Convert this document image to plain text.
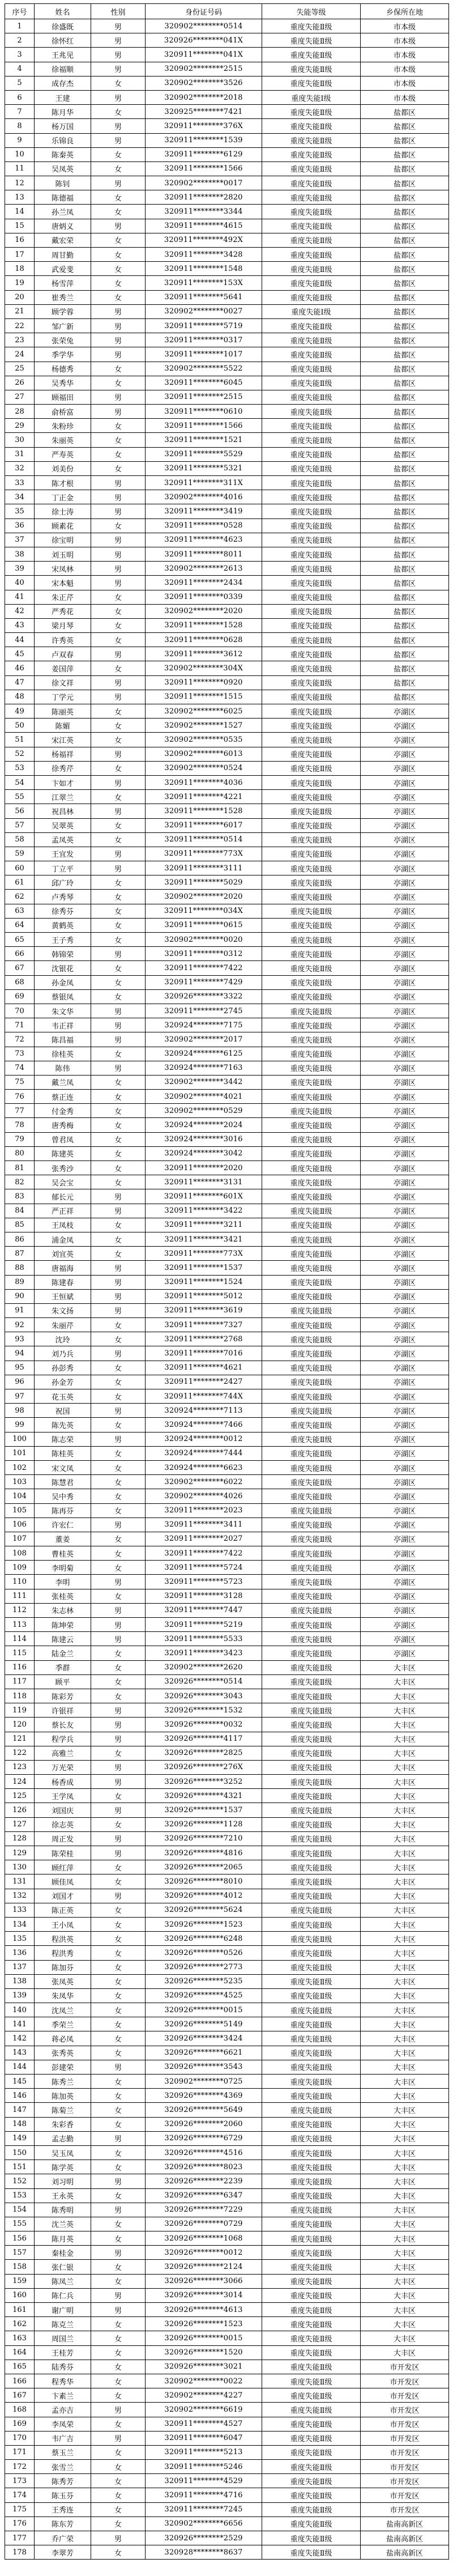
序号	姓名	性别	身份证号码	失能等级	乡保所在地
1	徐盛既	男	320902********0514	重度失能Ⅱ级	市本级
2	徐怀红	男	320926********041X	重度失能Ⅱ级	市本级
3	王兆见	男	320911********041X	重度失能Ⅱ级	市本级
4	徐福顺	男	320902********2515	重度失能Ⅱ级	市本级
5	成存杰	女	320902********3526	重度失能Ⅱ级	市本级
6	王建	男	320902********2018	重度失能Ⅰ级	市本级
7	陈月华	女	320925********7421	重度失能Ⅱ级	盐都区
8	杨万国	男	320911********376X	重度失能Ⅱ级	盐都区
9	乐锦良	男	320911********1539	重度失能Ⅱ级	盐都区
10	陈秦英	女	320911********6129	重度失能Ⅱ级	盐都区
11	吴凤英	女	320911********1566	重度失能Ⅱ级	盐都区
12	陈钊	男	320902********0017	重度失能Ⅱ级	盐都区
13	陈德福	女	320911********2820	重度失能Ⅱ级	盐都区
14	孙兰凤	女	320911********3344	重度失能Ⅱ级	盐都区
15	唐炳义	男	320911********4615	重度失能Ⅱ级	盐都区
16	戴宏荣	女	320911********492X	重度失能Ⅱ级	盐都区
17	周甘勤	女	320911********3428	重度失能Ⅱ级	盐都区
18	武爱斐	女	320911********1548	重度失能Ⅱ级	盐都区
19	杨雪萍	女	320911********153X	重度失能Ⅱ级	盐都区
20	崔秀兰	女	320911********5641	重度失能Ⅱ级	盐都区
21	顾学蓉	男	320902********0027	重度失能Ⅰ级	盐都区
22	邹广新	男	320911********5719	重度失能Ⅱ级	盐都区
23	张荣兔	男	320911********0317	重度失能Ⅱ级	盐都区
24	季学华	男	320911********1017	重度失能Ⅱ级	盐都区
25	杨德秀	女	320902********5522	重度失能Ⅱ级	盐都区
26	吴秀华	女	320911********6045	重度失能Ⅱ级	盐都区
27	顾福田	男	320911********2515	重度失能Ⅱ级	盐都区
28	俞桥富	男	320911********0610	重度失能Ⅱ级	盐都区
29	朱粉珍	女	320911********1566	重度失能Ⅱ级	盐都区
30	朱丽英	女	320911********1521	重度失能Ⅱ级	盐都区
31	严寿英	女	320911********5529	重度失能Ⅱ级	盐都区
32	刘美份	女	320911********5321	重度失能Ⅱ级	盐都区
33	陈才根	男	320911********311X	重度失能Ⅱ级	盐都区
34	丁正金	男	320902********4016	重度失能Ⅱ级	盐都区
35	徐士涛	男	320911********3419	重度失能Ⅱ级	盐都区
36	顾素花	女	320911********0528	重度失能Ⅱ级	盐都区
37	徐宝明	男	320911********4623	重度失能Ⅱ级	盐都区
38	刘玉明	男	320911********8011	重度失能Ⅱ级	盐都区
39	宋凤林	男	320902********2613	重度失能Ⅱ级	盐都区
40	宋本魁	男	320911********2434	重度失能Ⅱ级	盐都区
41	朱正芹	女	320911********0339	重度失能Ⅱ级	盐都区
42	严秀花	女	320902********2020	重度失能Ⅱ级	盐都区
43	梁月琴	女	320911********1528	重度失能Ⅱ级	盐都区
44	许秀英	女	320911********0628	重度失能Ⅱ级	盐都区
45	卢双春	男	320911********3612	重度失能Ⅱ级	盐都区
46	姜国萍	女	320902********304X	重度失能Ⅱ级	盐都区
47	徐文祥	男	320911********0920	重度失能Ⅱ级	盐都区
48	丁学元	男	320911********1515	重度失能Ⅱ级	盐都区
49	陈丽英	女	320902********6025	重度失能Ⅱ级	亭湖区
50	陈媚	女	320902********1527	重度失能Ⅱ级	亭湖区
51	宋江英	女	320902********0535	重度失能Ⅱ级	亭湖区
52	杨福祥	男	320902********6013	重度失能Ⅱ级	亭湖区
53	徐秀芹	女	320902********0524	重度失能Ⅱ级	亭湖区
54	卞如才	男	320911********4036	重度失能Ⅱ级	亭湖区
55	江翠兰	女	320911********4221	重度失能Ⅱ级	亭湖区
56	祝昌林	男	320911********1528	重度失能Ⅱ级	亭湖区
57	吴翠英	女	320911********6017	重度失能Ⅱ级	亭湖区
58	孟凤英	女	320911********0514	重度失能Ⅱ级	亭湖区
59	王宜发	男	320911********773X	重度失能Ⅱ级	亭湖区
60	丁立平	男	320911********3111	重度失能Ⅱ级	亭湖区
61	邱广玲	女	320911********5029	重度失能Ⅱ级	亭湖区
62	卢秀琴	女	320902********2020	重度失能Ⅱ级	亭湖区
63	徐秀芬	女	320911********034X	重度失能Ⅱ级	亭湖区
64	黄鹤英	女	320911********0615	重度失能Ⅱ级	亭湖区
65	王子秀	女	320902********0020	重度失能Ⅱ级	亭湖区
66	韩锦荣	男	320911********0312	重度失能Ⅱ级	亭湖区
67	沈银花	女	320911********7422	重度失能Ⅱ级	亭湖区
68	孙金凤	女	320911********7429	重度失能Ⅱ级	亭湖区
69	蔡银凤	女	320926********3322	重度失能Ⅱ级	亭湖区
70	朱文华	男	320911********2745	重度失能Ⅱ级	亭湖区
71	韦正祥	男	320924********7175	重度失能Ⅱ级	亭湖区
72	陈昌福	男	320902********2017	重度失能Ⅱ级	亭湖区
73	徐桂英	女	320924********6125	重度失能Ⅱ级	亭湖区
74	陈伟	男	320924********7163	重度失能Ⅱ级	亭湖区
75	戴兰凤	女	320902********3442	重度失能Ⅱ级	亭湖区
76	蔡正连	女	320902********4021	重度失能Ⅱ级	亭湖区
77	付金秀	女	320902********0529	重度失能Ⅱ级	亭湖区
78	唐秀梅	女	320924********2024	重度失能Ⅱ级	亭湖区
79	曾君凤	女	320924********3016	重度失能Ⅱ级	亭湖区
80	陈建英	女	320924********3042	重度失能Ⅱ级	亭湖区
81	张秀沙	女	320911********2020	重度失能Ⅱ级	亭湖区
82	吴会宝	女	320911********3131	重度失能Ⅱ级	亭湖区
83	郁长元	男	320911********601X	重度失能Ⅱ级	亭湖区
84	严正祥	男	320911********3422	重度失能Ⅱ级	亭湖区
85	王凤枝	女	320911********3211	重度失能Ⅱ级	亭湖区
86	浦金凤	女	320911********3421	重度失能Ⅱ级	亭湖区
87	刘宜英	女	320911********773X	重度失能Ⅱ级	亭湖区
88	唐福海	男	320911********1537	重度失能Ⅱ级	亭湖区
89	陈建春	男	320911********1524	重度失能Ⅱ级	亭湖区
90	王恒斌	男	320911********5012	重度失能Ⅱ级	亭湖区
91	朱文扬	男	320911********3619	重度失能Ⅱ级	亭湖区
92	朱丽芹	女	320911********7327	重度失能Ⅱ级	亭湖区
93	沈玲	女	320911********2768	重度失能Ⅱ级	亭湖区
94	刘乃兵	男	320911********7016	重度失能Ⅱ级	亭湖区
95	孙彭秀	女	320911********4621	重度失能Ⅱ级	亭湖区
96	孙金芳	女	320911********2427	重度失能Ⅱ级	亭湖区
97	花玉英	女	320911********744X	重度失能Ⅱ级	亭湖区
98	祝国	男	320924********7113	重度失能Ⅱ级	亭湖区
99	陈先英	女	320924********7466	重度失能Ⅱ级	亭湖区
100	陈志荣	男	320924********0012	重度失能Ⅱ级	亭湖区
101	陈桂英	女	320924********7444	重度失能Ⅱ级	亭湖区
102	宋文凤	女	320924********6623	重度失能Ⅱ级	亭湖区
103	陈慧君	女	320902********6022	重度失能Ⅱ级	亭湖区
104	吴中秀	女	320902********4026	重度失能Ⅱ级	亭湖区
105	陈再芬	女	320911********2023	重度失能Ⅱ级	亭湖区
106	许宏仁	男	320911********3411	重度失能Ⅱ级	亭湖区
107	董姜	女	320911********2027	重度失能Ⅱ级	亭湖区
108	曹桂英	女	320911********7422	重度失能Ⅱ级	亭湖区
109	李明菊	女	320911********5724	重度失能Ⅱ级	亭湖区
110	李明	男	320911********5723	重度失能Ⅱ级	亭湖区
111	张桂英	女	320911********3128	重度失能Ⅱ级	亭湖区
112	朱志林	男	320911********7447	重度失能Ⅱ级	亭湖区
113	陈坤荣	男	320911********5219	重度失能Ⅱ级	亭湖区
114	陈建云	男	320911********5533	重度失能Ⅱ级	亭湖区
115	陆金兰	女	320911********3423	重度失能Ⅱ级	亭湖区
116	季群	女	320902********2620	重度失能Ⅱ级	大丰区
117	顾平	女	320926********0514	重度失能Ⅱ级	大丰区
118	陈彩芳	女	320926********3043	重度失能Ⅱ级	大丰区
119	许银祥	男	320926********1532	重度失能Ⅱ级	大丰区
120	蔡长友	男	320926********0032	重度失能Ⅱ级	大丰区
121	程学兵	男	320926********4117	重度失能Ⅱ级	大丰区
122	高雅兰	女	320926********2825	重度失能Ⅱ级	大丰区
123	万光荣	男	320926********276X	重度失能Ⅱ级	大丰区
124	杨香成	男	320926********3252	重度失能Ⅱ级	大丰区
125	王学凤	女	320926********4321	重度失能Ⅱ级	大丰区
126	刘国庆	男	320926********1537	重度失能Ⅱ级	大丰区
127	徐志英	女	320926********1128	重度失能Ⅱ级	大丰区
128	周正发	男	320926********7210	重度失能Ⅱ级	大丰区
129	陈荣桂	男	320926********4816	重度失能Ⅱ级	大丰区
130	顾红萍	女	320926********2065	重度失能Ⅱ级	大丰区
131	顾佳凤	女	320926********8010	重度失能Ⅱ级	大丰区
132	刘国才	男	320926********4012	重度失能Ⅱ级	大丰区
133	陈正英	女	320926********5624	重度失能Ⅱ级	大丰区
134	王小凤	女	320926********1523	重度失能Ⅱ级	大丰区
135	程洪英	女	320926********6248	重度失能Ⅱ级	大丰区
136	程洪秀	女	320926********0526	重度失能Ⅱ级	大丰区
137	陈加芬	女	320926********2773	重度失能Ⅱ级	大丰区
138	张凤英	女	320926********5235	重度失能Ⅱ级	大丰区
139	朱凤华	女	320926********4525	重度失能Ⅱ级	大丰区
140	沈凤兰	女	320926********0015	重度失能Ⅱ级	大丰区
141	季荣兰	女	320926********5149	重度失能Ⅱ级	大丰区
142	蒋必凤	女	320926********3424	重度失能Ⅱ级	大丰区
143	张秀英	女	320926********6621	重度失能Ⅱ级	大丰区
144	彭建荣	男	320926********3543	重度失能Ⅱ级	大丰区
145	陈秀兰	女	320902********0725	重度失能Ⅱ级	大丰区
146	陈加英	女	320926********4369	重度失能Ⅱ级	大丰区
147	陈菊兰	女	320926********5649	重度失能Ⅱ级	大丰区
148	朱彩香	女	320926********2060	重度失能Ⅱ级	大丰区
149	孟志勤	男	320926********6729	重度失能Ⅱ级	大丰区
150	吴玉凤	女	320926********4516	重度失能Ⅱ级	大丰区
151	陈学英	女	320926********8023	重度失能Ⅱ级	大丰区
152	刘习明	男	320926********2239	重度失能Ⅱ级	大丰区
153	王永英	女	320926********6347	重度失能Ⅱ级	大丰区
154	陈秀明	男	320926********7229	重度失能Ⅱ级	大丰区
155	沈兰英	女	320926********0729	重度失能Ⅱ级	大丰区
156	陈月英	女	320926********1068	重度失能Ⅱ级	大丰区
157	秦桂金	男	320926********0012	重度失能Ⅱ级	大丰区
158	张仁银	女	320926********2124	重度失能Ⅱ级	大丰区
159	陈凤兰	女	320926********3066	重度失能Ⅱ级	大丰区
160	陈仁兵	男	320926********3014	重度失能Ⅱ级	大丰区
161	谢广明	男	320926********4613	重度失能Ⅱ级	大丰区
162	陈克兰	女	320926********1523	重度失能Ⅱ级	大丰区
163	周国兰	女	320926********0015	重度失能Ⅱ级	大丰区
164	王桂芳	女	320926********1520	重度失能Ⅱ级	大丰区
165	陆秀芬	女	320926********3021	重度失能Ⅱ级	市开发区
166	程秀华	女	320902********0022	重度失能Ⅱ级	市开发区
167	卞素兰	女	320902********4227	重度失能Ⅱ级	市开发区
168	孟亦吉	男	320902********6619	重度失能Ⅱ级	市开发区
169	李凤荣	女	320911********4527	重度失能Ⅱ级	市开发区
170	韦广吉	男	320911********6047	重度失能Ⅱ级	市开发区
171	蔡玉兰	女	320911********5213	重度失能Ⅱ级	市开发区
172	张雪兰	女	320911********5246	重度失能Ⅱ级	市开发区
173	陈秀芳	女	320911********4529	重度失能Ⅱ级	市开发区
174	陈玉芬	女	320911********4716	重度失能Ⅱ级	市开发区
175	王秀连	女	320911********7245	重度失能Ⅱ级	市开发区
176	陈东芳	女	320902********6656	重度失能Ⅱ级	盐南高新区
177	乔广荣	男	320926********2529	重度失能Ⅱ级	盐南高新区
178	李翠芳	女	320928********8637	重度失能Ⅱ级	盐南高新区
